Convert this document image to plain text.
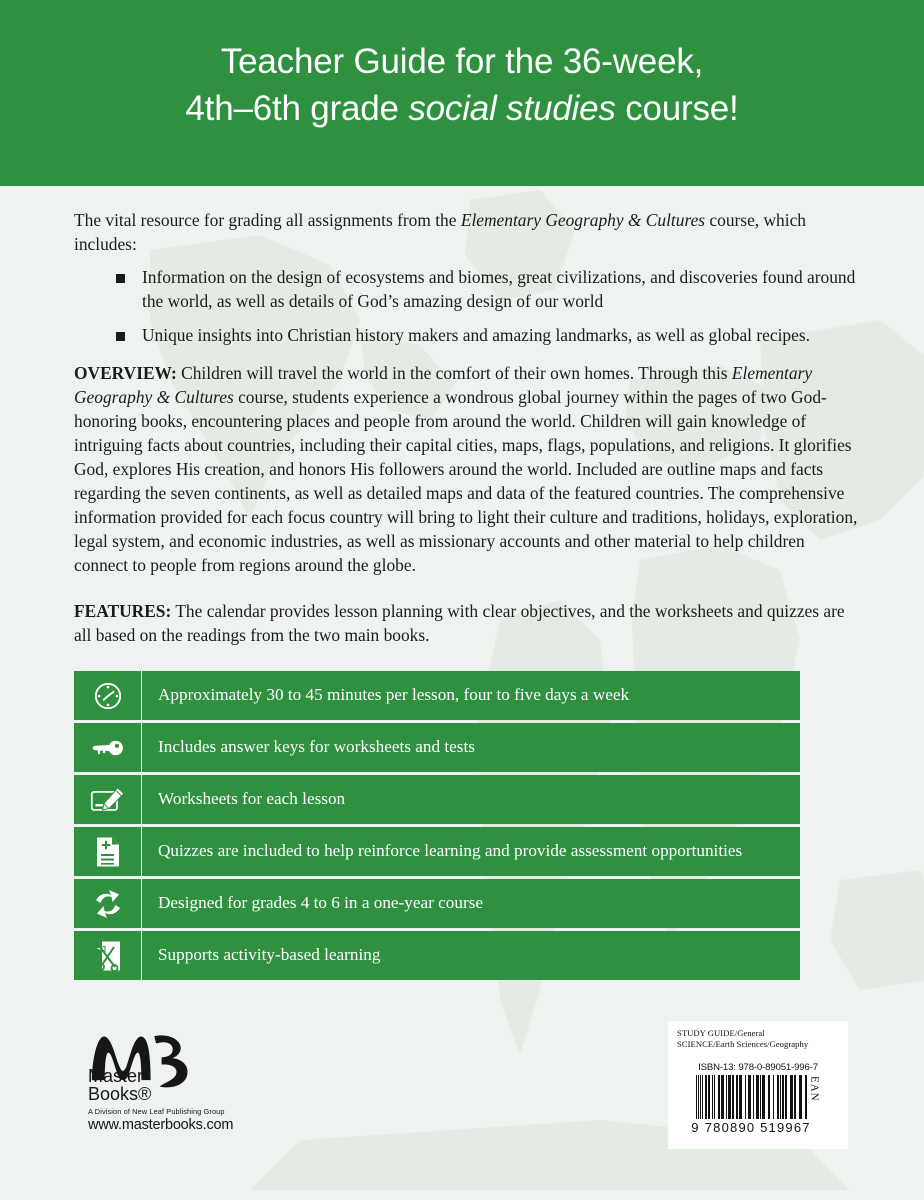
Teacher Guide for the 36-week,
4th–6th grade social studies course!

The vital resource for grading all assignments from the Elementary Geography & Cultures course, which includes:

Information on the design of ecosystems and biomes, great civilizations, and discoveries found around the world, as well as details of God’s amazing design of our world
Unique insights into Christian history makers and amazing landmarks, as well as global recipes.

OVERVIEW: Children will travel the world in the comfort of their own homes. Through this Elementary Geography & Cultures course, students experience a wondrous global journey within the pages of two God-honoring books, encountering places and people from around the world. Children will gain knowledge of intriguing facts about countries, including their capital cities, maps, flags, populations, and religions. It glorifies God, explores His creation, and honors His followers around the world. Included are outline maps and facts regarding the seven continents, as well as detailed maps and data of the featured countries. The comprehensive information provided for each focus country will bring to light their culture and traditions, holidays, exploration, legal system, and economic industries, as well as missionary accounts and other material to help children connect to people from regions around the globe.

FEATURES: The calendar provides lesson planning with clear objectives, and the worksheets and quizzes are all based on the readings from the two main books.

Approximately 30 to 45 minutes per lesson, four to five days a week
Includes answer keys for worksheets and tests
Worksheets for each lesson
Quizzes are included to help reinforce learning and provide assessment opportunities
Designed for grades 4 to 6 in a one-year course
Supports activity-based learning
Master
Books®
A Division of New Leaf Publishing Group
www.masterbooks.com
STUDY GUIDE/General
SCIENCE/Earth Sciences/Geography
ISBN-13: 978-0-89051-996-7
EAN
9 780890 519967
